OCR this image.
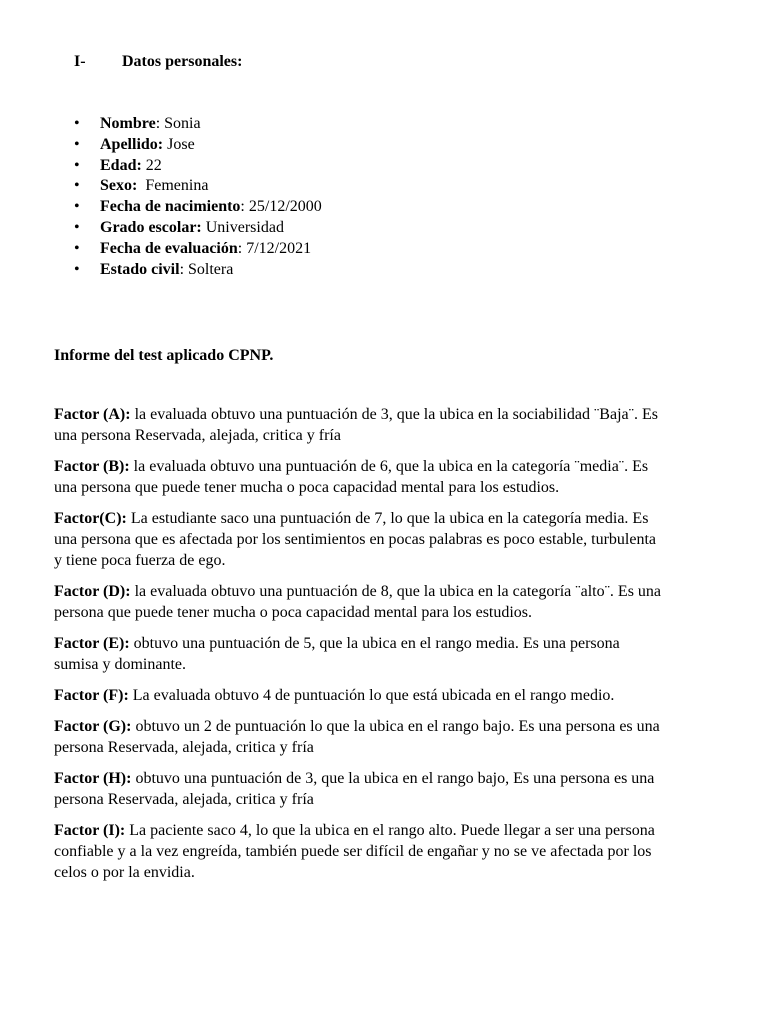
I- Datos personales:
• Nombre: Sonia
• Apellido: Jose
• Edad: 22
• Sexo: Femenina
• Fecha de nacimiento: 25/12/2000
• Grado escolar: Universidad
• Fecha de evaluación: 7/12/2021
• Estado civil: Soltera
Informe del test aplicado CPNP.

Factor (A): la evaluada obtuvo una puntuación de 3, que la ubica en la sociabilidad ¨Baja¨. Es una persona Reservada, alejada, critica y fría

Factor (B): la evaluada obtuvo una puntuación de 6, que la ubica en la categoría ¨media¨. Es una persona que puede tener mucha o poca capacidad mental para los estudios.

Factor(C): La estudiante saco una puntuación de 7, lo que la ubica en la categoría media. Es una persona que es afectada por los sentimientos en pocas palabras es poco estable, turbulenta y tiene poca fuerza de ego.

Factor (D): la evaluada obtuvo una puntuación de 8, que la ubica en la categoría ¨alto¨. Es una persona que puede tener mucha o poca capacidad mental para los estudios.

Factor (E): obtuvo una puntuación de 5, que la ubica en el rango media. Es una persona sumisa y dominante.

Factor (F): La evaluada obtuvo 4 de puntuación lo que está ubicada en el rango medio.

Factor (G): obtuvo un 2 de puntuación lo que la ubica en el rango bajo. Es una persona es una persona Reservada, alejada, critica y fría

Factor (H): obtuvo una puntuación de 3, que la ubica en el rango bajo, Es una persona es una persona Reservada, alejada, critica y fría

Factor (I): La paciente saco 4, lo que la ubica en el rango alto. Puede llegar a ser una persona confiable y a la vez engreída, también puede ser difícil de engañar y no se ve afectada por los celos o por la envidia.
